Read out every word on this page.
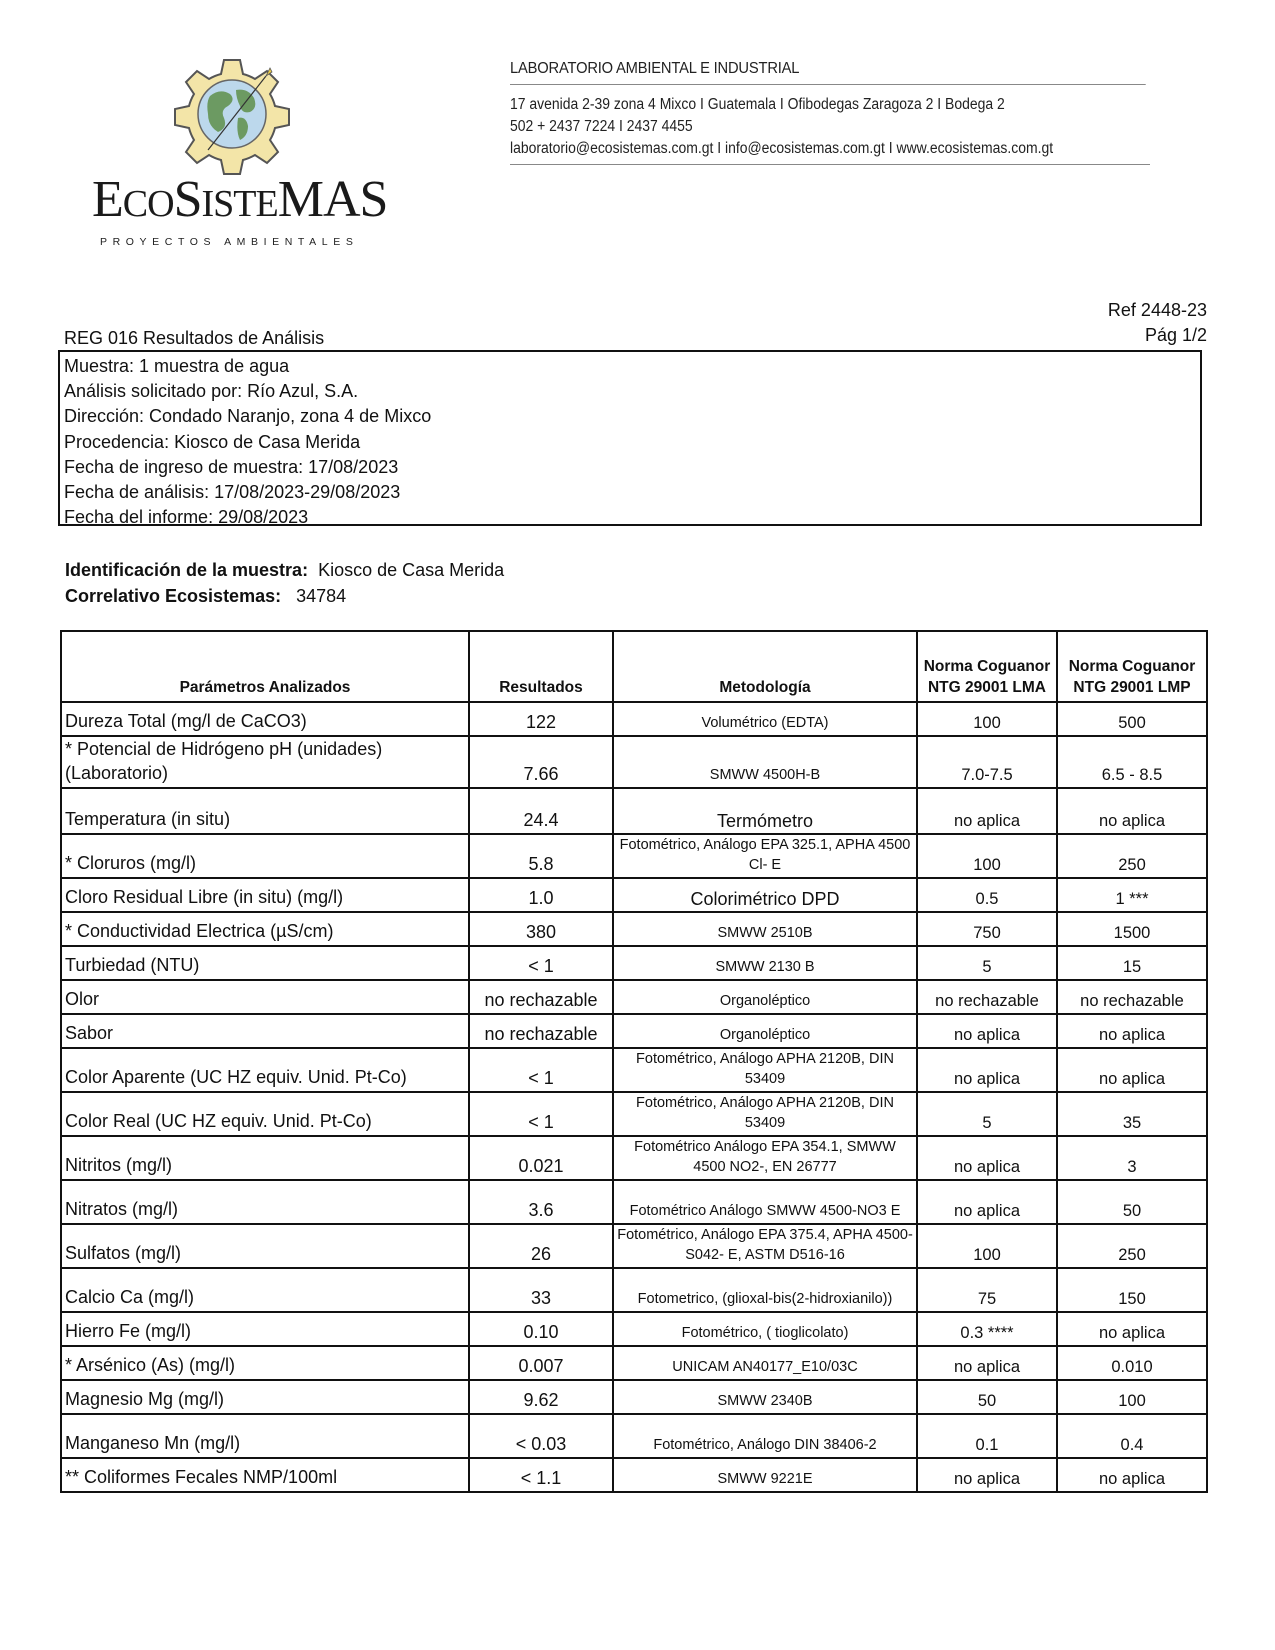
ECOSISTEMAS
PROYECTOS AMBIENTALES
LABORATORIO AMBIENTAL E INDUSTRIAL
17 avenida 2-39 zona 4 Mixco I Guatemala I Ofibodegas Zaragoza 2 I Bodega 2
502 + 2437 7224 I 2437 4455
laboratorio@ecosistemas.com.gt I info@ecosistemas.com.gt I www.ecosistemas.com.gt
Ref 2448-23
Pág 1/2
REG 016 Resultados de Análisis
Muestra: 1 muestra de agua
Análisis solicitado por: Río Azul, S.A.
Dirección: Condado Naranjo, zona 4 de Mixco
Procedencia: Kiosco de Casa Merida
Fecha de ingreso de muestra: 17/08/2023
Fecha de análisis: 17/08/2023-29/08/2023
Fecha del informe: 29/08/2023
Identificación de la muestra: Kiosco de Casa Merida
Correlativo Ecosistemas: 34784
Parámetros Analizados	Resultados	Metodología	Norma Coguanor NTG 29001 LMA	Norma Coguanor NTG 29001 LMP
Dureza Total (mg/l de CaCO3)	122	Volumétrico (EDTA)	100	500
* Potencial de Hidrógeno pH (unidades) (Laboratorio)	7.66	SMWW 4500H-B	7.0-7.5	6.5 - 8.5
Temperatura (in situ)	24.4	Termómetro	no aplica	no aplica
* Cloruros (mg/l)	5.8	Fotométrico, Análogo EPA 325.1, APHA 4500 Cl- E	100	250
Cloro Residual Libre (in situ) (mg/l)	1.0	Colorimétrico DPD	0.5	1 ***
* Conductividad Electrica (µS/cm)	380	SMWW 2510B	750	1500
Turbiedad (NTU)	< 1	SMWW 2130 B	5	15
Olor	no rechazable	Organoléptico	no rechazable	no rechazable
Sabor	no rechazable	Organoléptico	no aplica	no aplica
Color Aparente (UC HZ equiv. Unid. Pt-Co)	< 1	Fotométrico, Análogo APHA 2120B, DIN 53409	no aplica	no aplica
Color Real (UC HZ equiv. Unid. Pt-Co)	< 1	Fotométrico, Análogo APHA 2120B, DIN 53409	5	35
Nitritos (mg/l)	0.021	Fotométrico Análogo EPA 354.1, SMWW 4500 NO2-, EN 26777	no aplica	3
Nitratos (mg/l)	3.6	Fotométrico Análogo SMWW 4500-NO3 E	no aplica	50
Sulfatos (mg/l)	26	Fotométrico, Análogo EPA 375.4, APHA 4500-S042- E, ASTM D516-16	100	250
Calcio Ca (mg/l)	33	Fotometrico, (glioxal-bis(2-hidroxianilo))	75	150
Hierro Fe (mg/l)	0.10	Fotométrico, ( tioglicolato)	0.3 ****	no aplica
* Arsénico (As) (mg/l)	0.007	UNICAM AN40177_E10/03C	no aplica	0.010
Magnesio Mg (mg/l)	9.62	SMWW 2340B	50	100
Manganeso Mn (mg/l)	< 0.03	Fotométrico, Análogo DIN 38406-2	0.1	0.4
** Coliformes Fecales NMP/100ml	< 1.1	SMWW 9221E	no aplica	no aplica
